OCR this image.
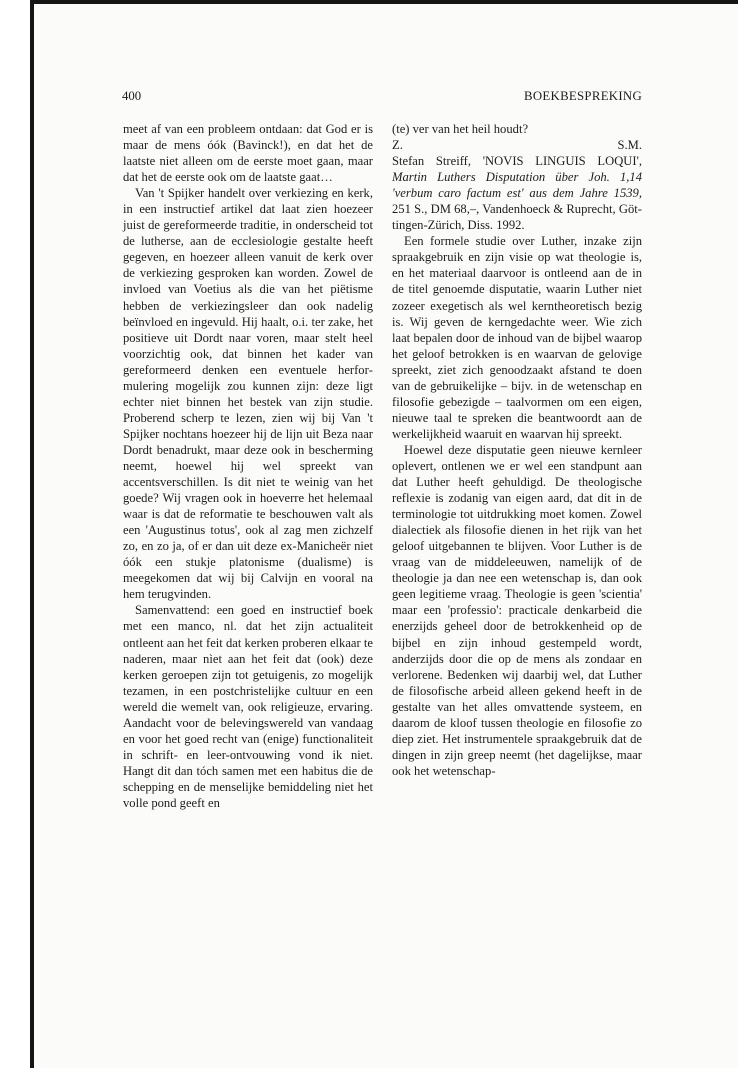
400	BOEKBESPREKING

meet af van een probleem ontdaan: dat God er is maar de mens óók (Bavinck!), en dat het de laatste niet alleen om de eerste moet gaan, maar dat het de eerste ook om de laatste gaat…

Van 't Spijker handelt over verkiezing en kerk, in een instructief artikel dat laat zien hoezeer juist de gereformeerde traditie, in onderscheid tot de lutherse, aan de ecclesiologie gestalte heeft gegeven, en hoezeer alleen vanuit de kerk over de verkiezing gesproken kan worden. Zowel de invloed van Voetius als die van het piëtisme hebben de verkiezingsleer dan ook nadelig beïnvloed en ingevuld. Hij haalt, o.i. ter zake, het positieve uit Dordt naar voren, maar stelt heel voorzichtig ook, dat binnen het kader van gereformeerd denken een eventuele herformulering mogelijk zou kunnen zijn: deze ligt echter niet binnen het bestek van zijn studie. Proberend scherp te lezen, zien wij bij Van 't Spijker nochtans hoezeer hij de lijn uit Beza naar Dordt benadrukt, maar deze ook in bescherming neemt, hoewel hij wel spreekt van accentsverschillen. Is dit niet te weinig van het goede? Wij vragen ook in hoeverre het helemaal waar is dat de reformatie te beschouwen valt als een 'Augustinus totus', ook al zag men zichzelf zo, en zo ja, of er dan uit deze ex-Manicheër niet óók een stukje platonisme (dualisme) is meegekomen dat wij bij Calvijn en vooral na hem terugvinden.

Samenvattend: een goed en instructief boek met een manco, nl. dat het zijn actualiteit ontleent aan het feit dat kerken proberen elkaar te naderen, maar nìet aan het feit dat (ook) deze kerken geroepen zijn tot getuigenis, zo mogelijk tezamen, in een postchristelijke cultuur en een wereld die wemelt van, ook religieuze, ervaring. Aandacht voor de belevingswereld van vandaag en voor het goed recht van (enige) functionaliteit in schrift- en leer-ontvouwing vond ik niet. Hangt dit dan tóch samen met een habitus die de schepping en de menselijke bemiddeling niet het volle pond geeft en

(te) ver van het heil houdt?

Z.	S.M.

Stefan Streiff, 'NOVIS LINGUIS LOQUI', Martin Luthers Disputation über Joh. 1,14 'verbum caro factum est' aus dem Jahre 1539, 251 S., DM 68,–, Vandenhoeck & Ruprecht, Göttingen-Zürich, Diss. 1992.

Een formele studie over Luther, inzake zijn spraakgebruik en zijn visie op wat theologie is, en het materiaal daarvoor is ontleend aan de in de titel genoemde disputatie, waarin Luther niet zozeer exegetisch als wel kerntheoretisch bezig is. Wij geven de kerngedachte weer. Wie zich laat bepalen door de inhoud van de bijbel waarop het geloof betrokken is en waarvan de gelovige spreekt, ziet zich genoodzaakt afstand te doen van de gebruikelijke – bijv. in de wetenschap en filosofie gebezigde – taalvormen om een eigen, nieuwe taal te spreken die beantwoordt aan de werkelijkheid waaruit en waarvan hij spreekt.

Hoewel deze disputatie geen nieuwe kernleer oplevert, ontlenen we er wel een standpunt aan dat Luther heeft gehuldigd. De theologische reflexie is zodanig van eigen aard, dat dit in de terminologie tot uitdrukking moet komen. Zowel dialectiek als filosofie dienen in het rijk van het geloof uitgebannen te blijven. Voor Luther is de vraag van de middeleeuwen, namelijk of de theologie ja dan nee een wetenschap is, dan ook geen legitieme vraag. Theologie is geen 'scientia' maar een 'professio': practicale denkarbeid die enerzijds geheel door de betrokkenheid op de bijbel en zijn inhoud gestempeld wordt, anderzijds door die op de mens als zondaar en verlorene. Bedenken wij daarbij wel, dat Luther de filosofische arbeid alleen gekend heeft in de gestalte van het alles omvattende systeem, en daarom de kloof tussen theologie en filosofie zo diep ziet. Het instrumentele spraakgebruik dat de dingen in zijn greep neemt (het dagelijkse, maar ook het wetenschap-
